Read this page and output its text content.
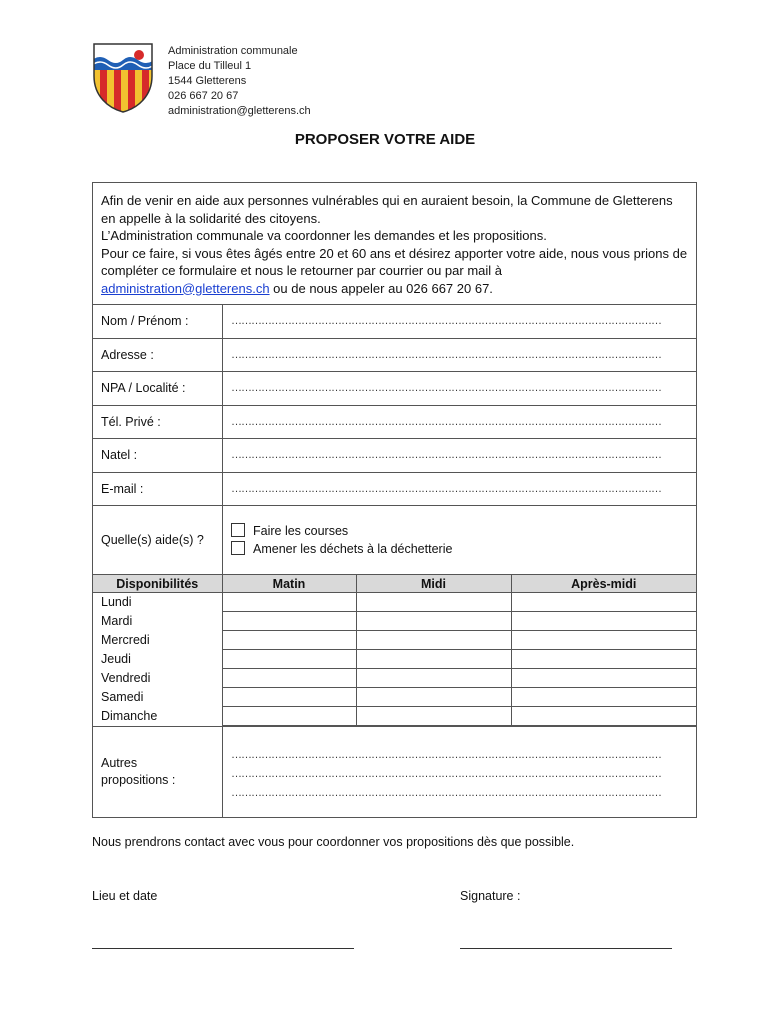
Administration communale
Place du Tilleul 1
1544 Gletterens
026 667 20 67
administration@gletterens.ch
PROPOSER VOTRE AIDE
Afin de venir en aide aux personnes vulnérables qui en auraient besoin, la Commune de Gletterens en appelle à la solidarité des citoyens.
L’Administration communale va coordonner les demandes et les propositions.
Pour ce faire, si vous êtes âgés entre 20 et 60 ans et désirez apporter votre aide, nous vous prions de compléter ce formulaire et nous le retourner par courrier ou par mail à
administration@gletterens.ch ou de nous appeler au 026 667 20 67.
Nom / Prénom :	…………………………………………………………………………………………………………………
Adresse :	…………………………………………………………………………………………………………………
NPA / Localité :	…………………………………………………………………………………………………………………
Tél. Privé :	…………………………………………………………………………………………………………………
Natel :	…………………………………………………………………………………………………………………
E-mail :	…………………………………………………………………………………………………………………
Quelle(s) aide(s) ?
Faire les courses
Amener les déchets à la déchetterie
Disponibilités	Matin	Midi	Après-midi
Lundi			
Mardi			
Mercredi			
Jeudi			
Vendredi			
Samedi			
Dimanche			
Autres
propositions :
…………………………………………………………………………………………………………………
…………………………………………………………………………………………………………………
…………………………………………………………………………………………………………………
Nous prendrons contact avec vous pour coordonner vos propositions dès que possible.
Lieu et date	Signature :
